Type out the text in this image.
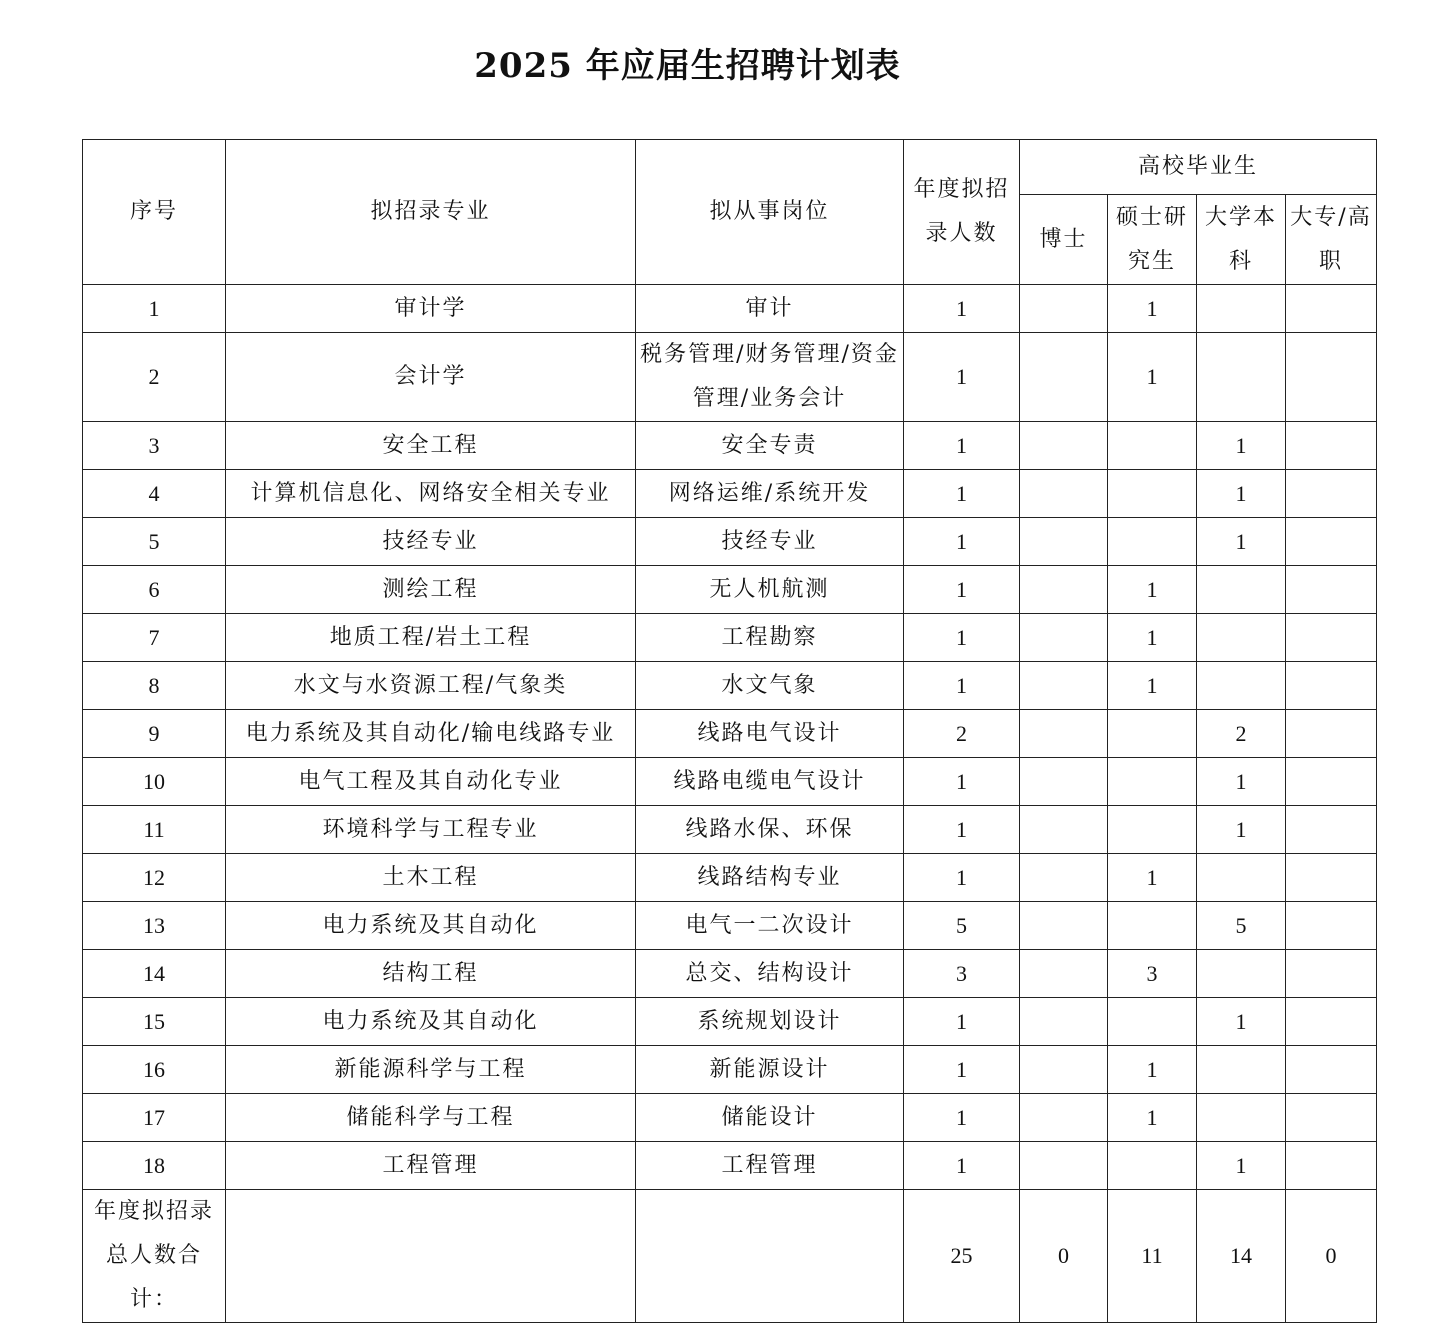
2025 年应届生招聘计划表
序号	拟招录专业	拟从事岗位	年度拟招录人数	高校毕业生			
				博士	硕士研究生	大学本科	大专/高职
1	审计学	审计	1		1		
2	会计学	税务管理/财务管理/资金管理/业务会计	1		1		
3	安全工程	安全专责	1			1	
4	计算机信息化、网络安全相关专业	网络运维/系统开发	1			1	
5	技经专业	技经专业	1			1	
6	测绘工程	无人机航测	1		1		
7	地质工程/岩土工程	工程勘察	1		1		
8	水文与水资源工程/气象类	水文气象	1		1		
9	电力系统及其自动化/输电线路专业	线路电气设计	2			2	
10	电气工程及其自动化专业	线路电缆电气设计	1			1	
11	环境科学与工程专业	线路水保、环保	1			1	
12	土木工程	线路结构专业	1		1		
13	电力系统及其自动化	电气一二次设计	5			5	
14	结构工程	总交、结构设计	3		3		
15	电力系统及其自动化	系统规划设计	1			1	
16	新能源科学与工程	新能源设计	1		1		
17	储能科学与工程	储能设计	1		1		
18	工程管理	工程管理	1			1	
年度拟招录总人数合计：			25	0	11	14	0
